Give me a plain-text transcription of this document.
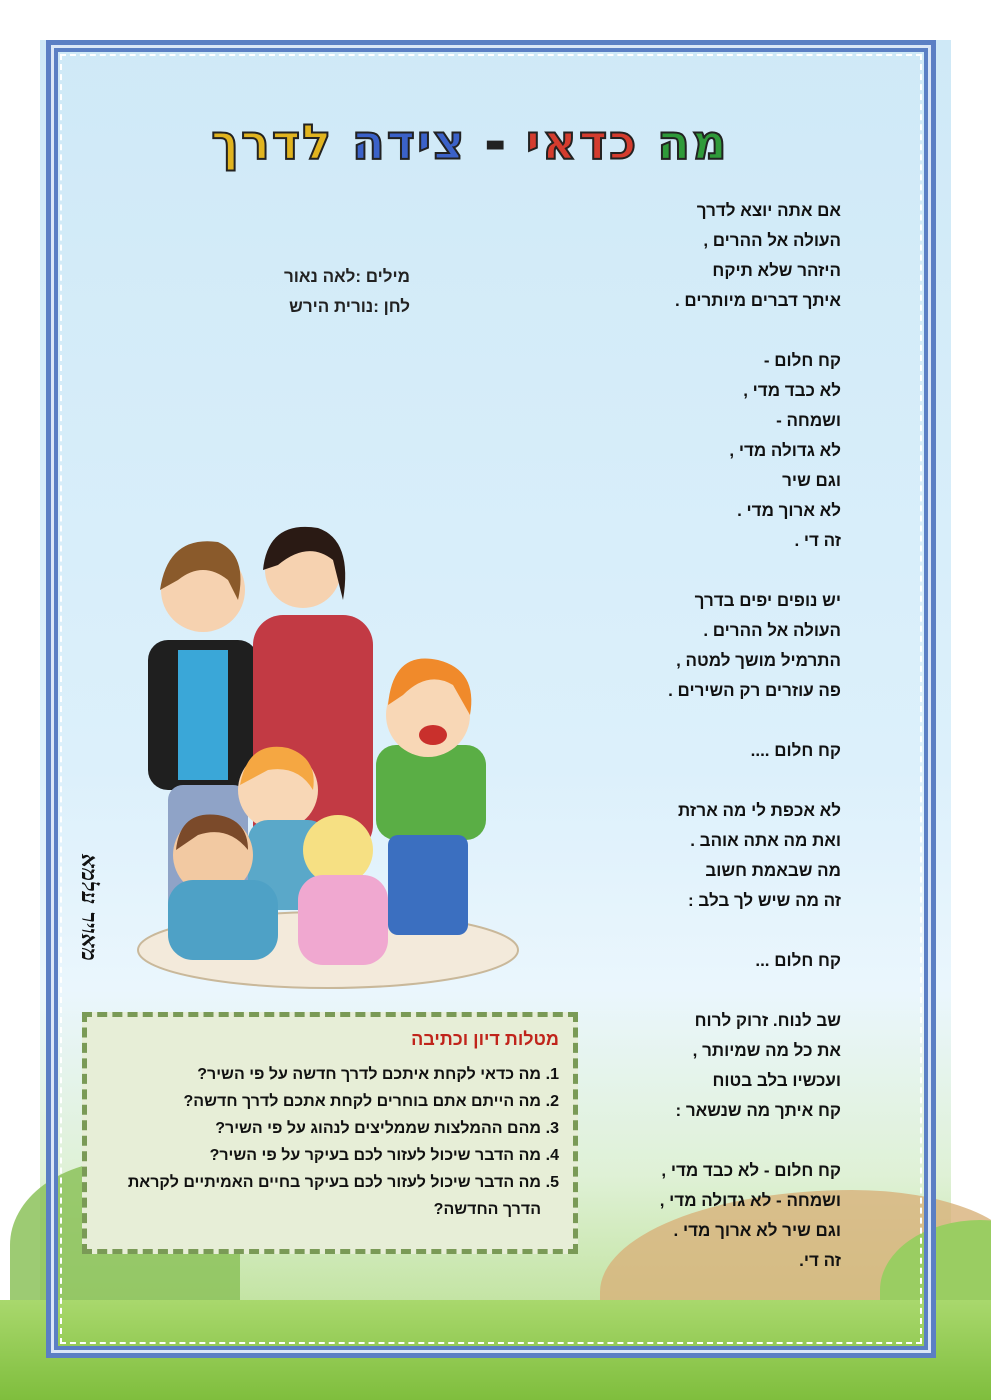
מה כדאי - צידה לדרך
מילים :לאה נאור
לחן :נורית הירש
אם אתה יוצא לדרך
העולה אל ההרים ,
היזהר שלא תיקח
איתך דברים מיותרים .
קח חלום -
לא כבד מדי ,
ושמחה -
לא גדולה מדי ,
וגם שיר
לא ארוך מדי .
זה די .
יש נופים יפים בדרך
העולה אל ההרים .
התרמיל מושך למטה ,
פה עוזרים רק השירים .
קח חלום ....
לא אכפת לי מה ארזת
ואת מה אתה אוהב .
מה שבאמת חשוב
זה מה שיש לך בלב :
קח חלום ...
שב לנוח. זרוק לרוח
את כל מה שמיותר ,
ועכשיו בלב בטוח
קח איתך מה שנשאר :
קח חלום - לא כבד מדי ,
ושמחה - לא גדולה מדי ,
וגם שיר לא ארוך מדי .
זה די.
מאויר עלמא
מטלות דיון וכתיבה
1.
מה כדאי לקחת איתכם לדרך חדשה על פי השיר?
2.
מה הייתם אתם בוחרים לקחת אתכם לדרך חדשה?
3.
מהם ההמלצות שממליצים לנהוג על פי השיר?
4.
מה הדבר שיכול לעזור לכם בעיקר על פי השיר?
5.
מה הדבר שיכול לעזור לכם בעיקר בחיים האמיתיים לקראת הדרך החדשה?
